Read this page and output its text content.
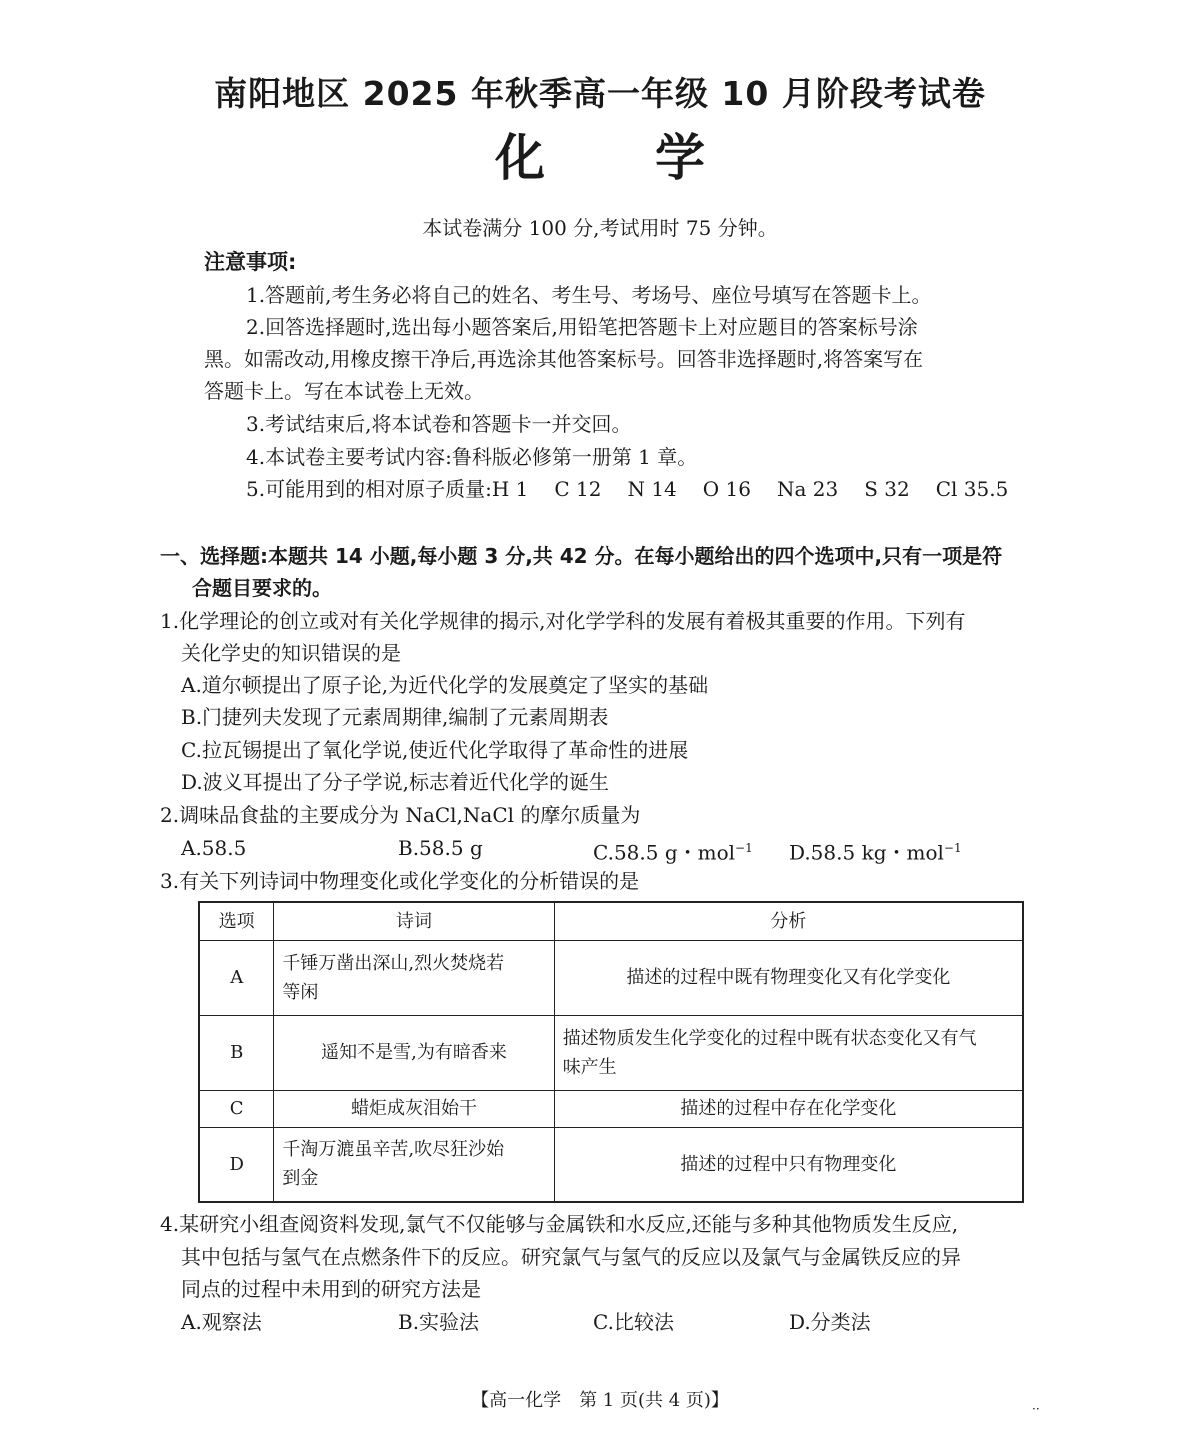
南阳地区 2025 年秋季高一年级 10 月阶段考试卷
化 学
本试卷满分 100 分,考试用时 75 分钟。
注意事项:
1.答题前,考生务必将自己的姓名、考生号、考场号、座位号填写在答题卡上。
2.回答选择题时,选出每小题答案后,用铅笔把答题卡上对应题目的答案标号涂
黑。如需改动,用橡皮擦干净后,再选涂其他答案标号。回答非选择题时,将答案写在
答题卡上。写在本试卷上无效。
3.考试结束后,将本试卷和答题卡一并交回。
4.本试卷主要考试内容:鲁科版必修第一册第 1 章。
5.可能用到的相对原子质量:H 1 C 12 N 14 O 16 Na 23 S 32 Cl 35.5
一、选择题:本题共 14 小题,每小题 3 分,共 42 分。在每小题给出的四个选项中,只有一项是符
合题目要求的。
1.化学理论的创立或对有关化学规律的揭示,对化学学科的发展有着极其重要的作用。下列有
关化学史的知识错误的是
A.道尔顿提出了原子论,为近代化学的发展奠定了坚实的基础
B.门捷列夫发现了元素周期律,编制了元素周期表
C.拉瓦锡提出了氧化学说,使近代化学取得了革命性的进展
D.波义耳提出了分子学说,标志着近代化学的诞生
2.调味品食盐的主要成分为 NaCl,NaCl 的摩尔质量为
A.58.5	B.58.5 g	C.58.5 g・mol$^{-1}$ D.58.5 kg・mol$^{-1}$
3.有关下列诗词中物理变化或化学变化的分析错误的是
选项	诗词	分析
A	千锤万凿出深山,烈火焚烧若
等闲	描述的过程中既有物理变化又有化学变化
B	遥知不是雪,为有暗香来	描述物质发生化学变化的过程中既有状态变化又有气
味产生

C	蜡炬成灰泪始干	描述的过程中存在化学变化
D	千淘万漉虽辛苦,吹尽狂沙始
到金	描述的过程中只有物理变化
4.某研究小组查阅资料发现,氯气不仅能够与金属铁和水反应,还能与多种其他物质发生反应,
其中包括与氢气在点燃条件下的反应。研究氯气与氢气的反应以及氯气与金属铁反应的异
同点的过程中未用到的研究方法是
A.观察法	B.实验法	C.比较法	D.分类法
【高一化学　第 1 页(共 4 页)】	··
